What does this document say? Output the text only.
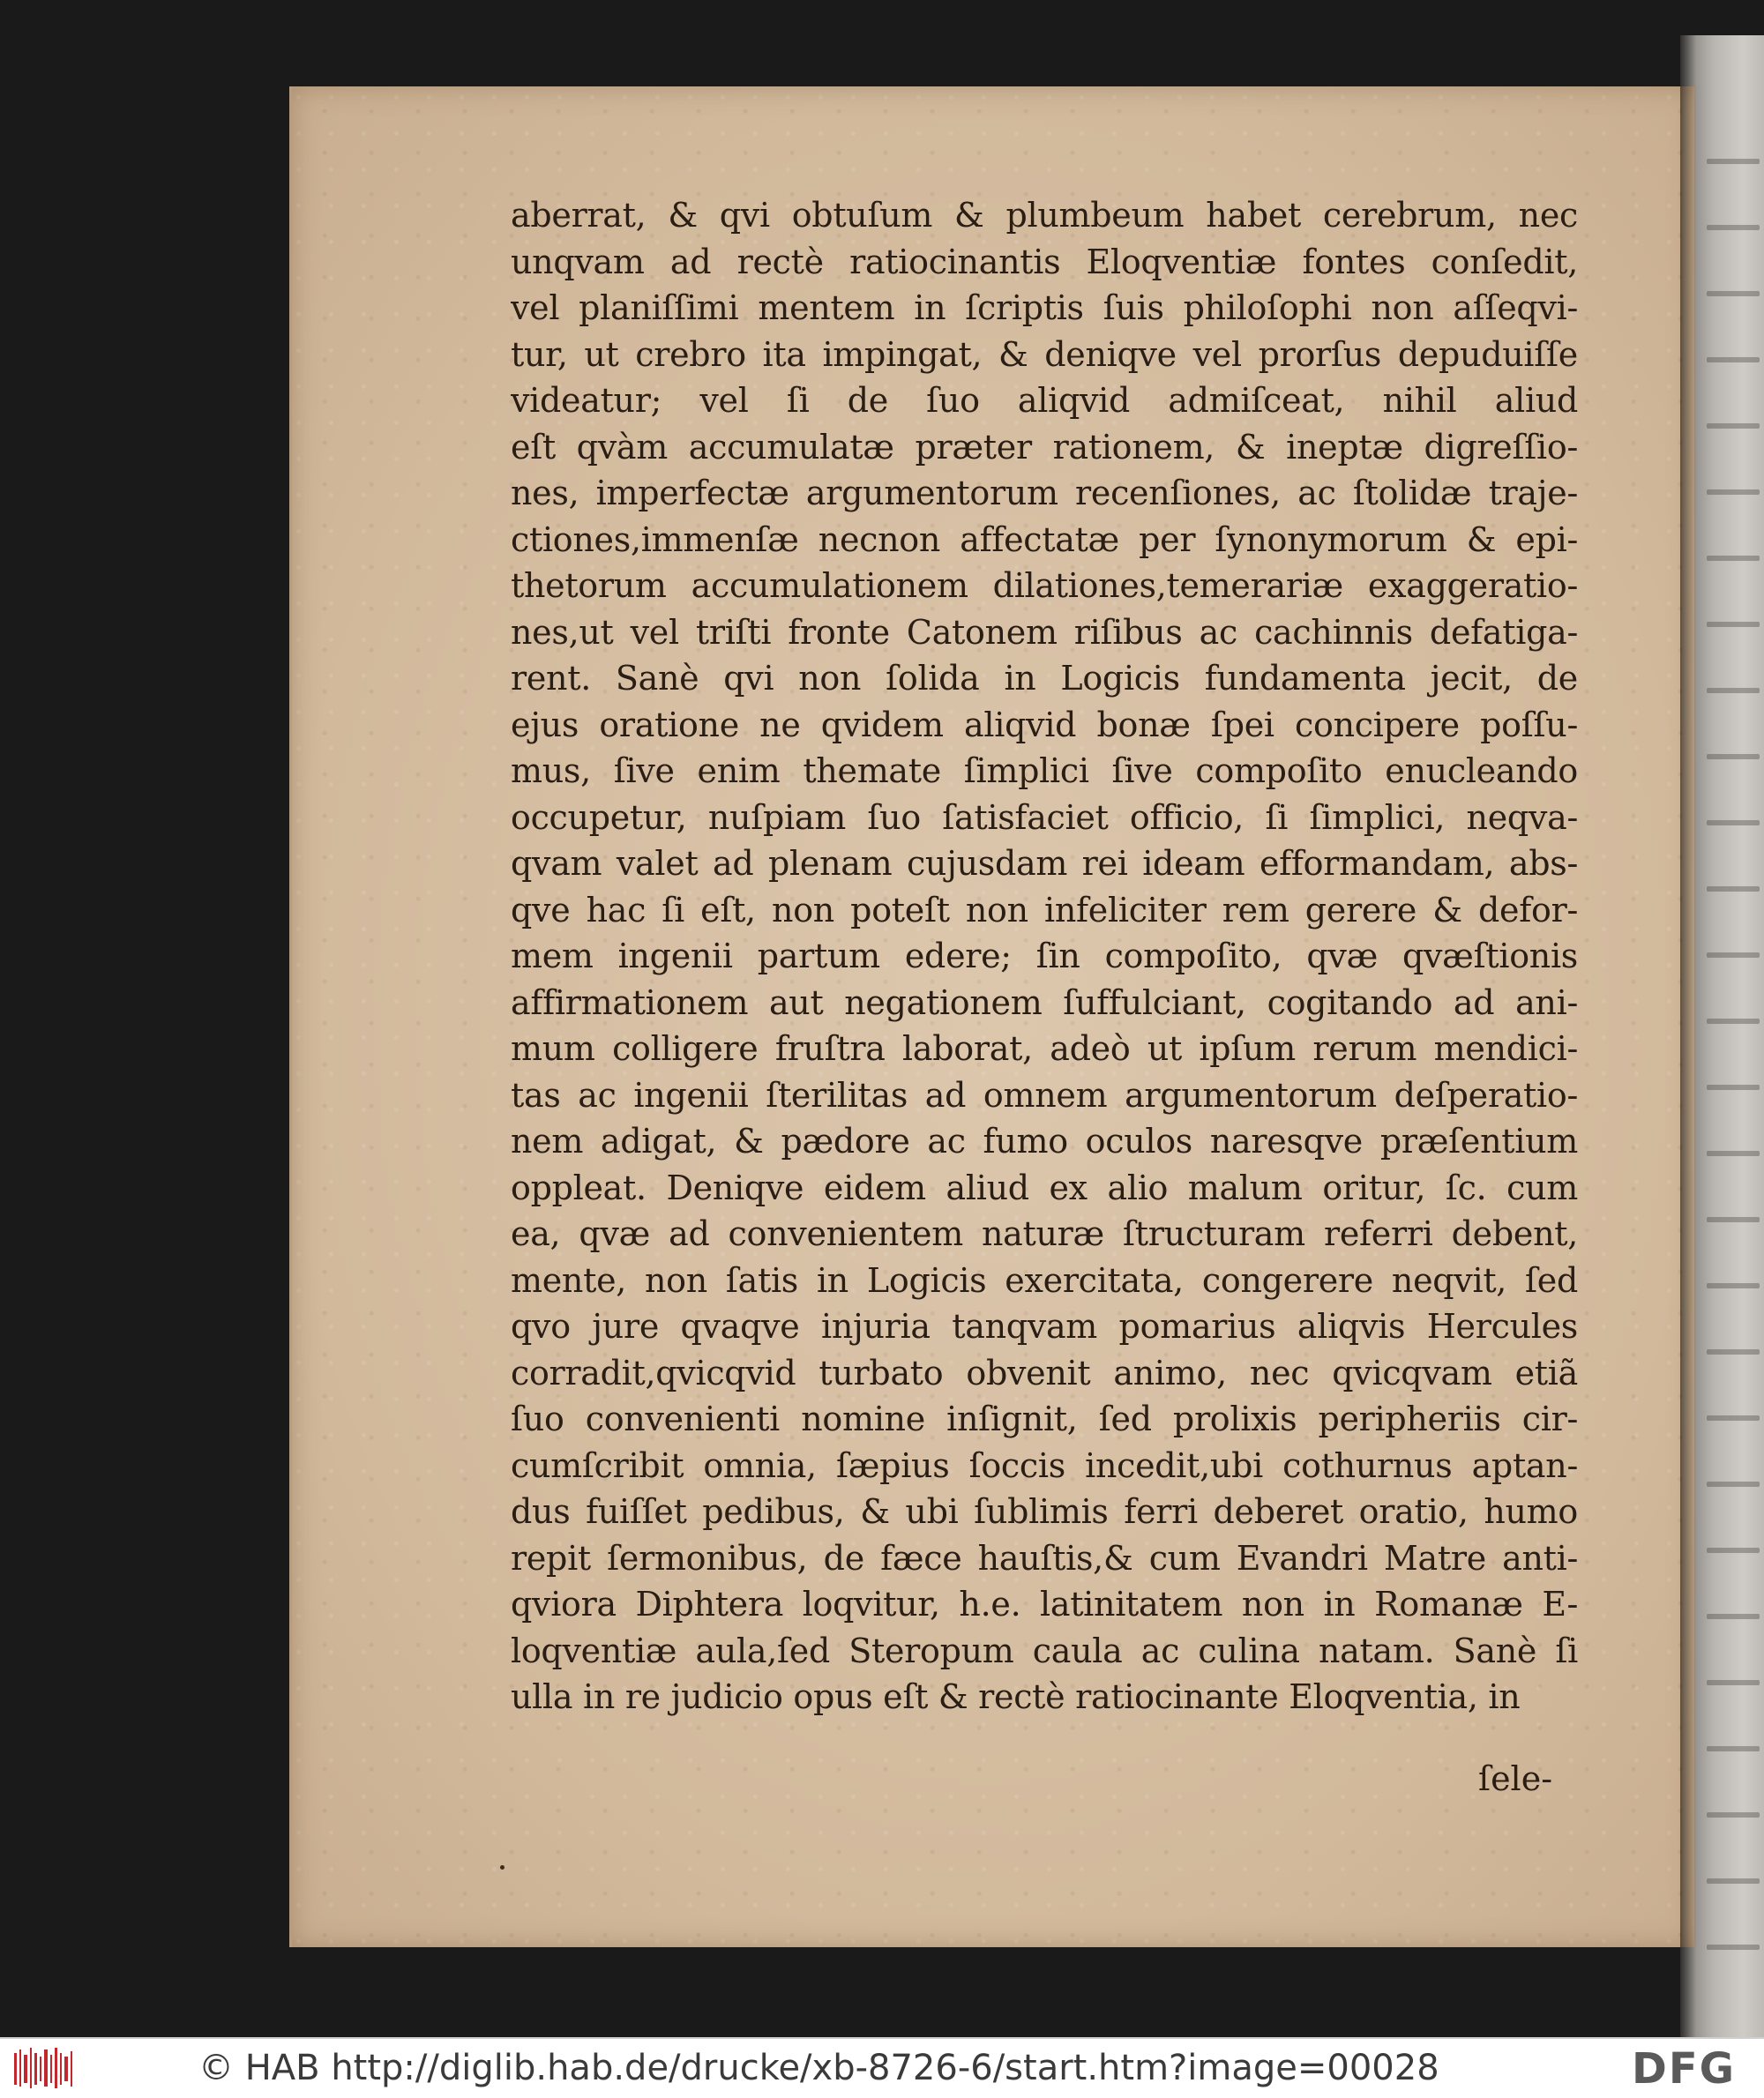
aberrat, & qvi obtuſum & plumbeum habet cerebrum, nec
unqvam ad rectè ratiocinantis Eloqventiæ fontes conſedit,
vel planiſſimi mentem in ſcriptis ſuis philoſophi non aſſeqvi-
tur, ut crebro ita impingat, & deniqve vel prorſus depuduiſſe
videatur; vel ſi de ſuo aliqvid admiſceat, nihil aliud
eſt qvàm accumulatæ præter rationem, & ineptæ digreſſio-
nes, imperfectæ argumentorum recenſiones, ac ſtolidæ traje-
ctiones,immenſæ necnon affectatæ per ſynonymorum & epi-
thetorum accumulationem dilationes,temerariæ exaggeratio-
nes,ut vel triſti fronte Catonem riſibus ac cachinnis defatiga-
rent. Sanè qvi non ſolida in Logicis fundamenta jecit, de
ejus oratione ne qvidem aliqvid bonæ ſpei concipere poſſu-
mus, ſive enim themate ſimplici ſive compoſito enucleando
occupetur, nuſpiam ſuo ſatisfaciet officio, ſi ſimplici, neqva-
qvam valet ad plenam cujusdam rei ideam efformandam, abs-
qve hac ſi eſt, non poteſt non infeliciter rem gerere & defor-
mem ingenii partum edere; ſin compoſito, qvæ qvæſtionis
affirmationem aut negationem ſuffulciant, cogitando ad ani-
mum colligere fruſtra laborat, adeò ut ipſum rerum mendici-
tas ac ingenii ſterilitas ad omnem argumentorum deſperatio-
nem adigat, & pædore ac fumo oculos naresqve præſentium
oppleat. Deniqve eidem aliud ex alio malum oritur, ſc. cum
ea, qvæ ad convenientem naturæ ſtructuram referri debent,
mente, non ſatis in Logicis exercitata, congerere neqvit, ſed
qvo jure qvaqve injuria tanqvam pomarius aliqvis Hercules
corradit,qvicqvid turbato obvenit animo, nec qvicqvam etiã
ſuo convenienti nomine inſignit, ſed prolixis peripheriis cir-
cumſcribit omnia, ſæpius ſoccis incedit,ubi cothurnus aptan-
dus fuiſſet pedibus, & ubi ſublimis ferri deberet oratio, humo
repit ſermonibus, de fæce hauſtis,& cum Evandri Matre anti-
qviora Diphtera loqvitur, h.e. latinitatem non in Romanæ E-
loqventiæ aula,ſed Steropum caula ac culina natam. Sanè ſi
ulla in re judicio opus eſt & rectè ratiocinante Eloqventia, in
ſele-
© HAB http://diglib.hab.de/drucke/xb-8726-6/start.htm?image=00028	DFG
